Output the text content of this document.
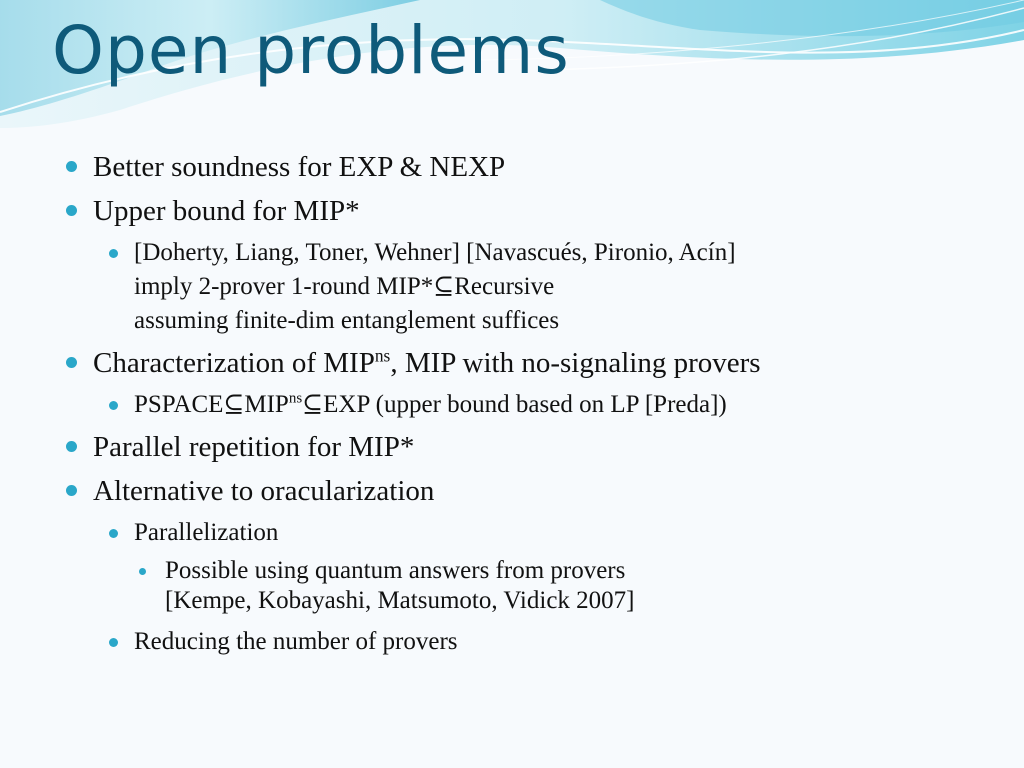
Open problems
Better soundness for EXP & NEXP
Upper bound for MIP*
[Doherty, Liang, Toner, Wehner] [Navascués, Pironio, Acín]
imply 2-prover 1-round MIP*⊆Recursive
assuming finite-dim entanglement suffices
Characterization of $MIP^{ns}$, MIP with no-signaling provers
$PSPACE⊆MIP^{ns}⊆EXP$ (upper bound based on LP [Preda])
Parallel repetition for MIP*
Alternative to oracularization
Parallelization
Possible using quantum answers from provers
[Kempe, Kobayashi, Matsumoto, Vidick 2007]
Reducing the number of provers
